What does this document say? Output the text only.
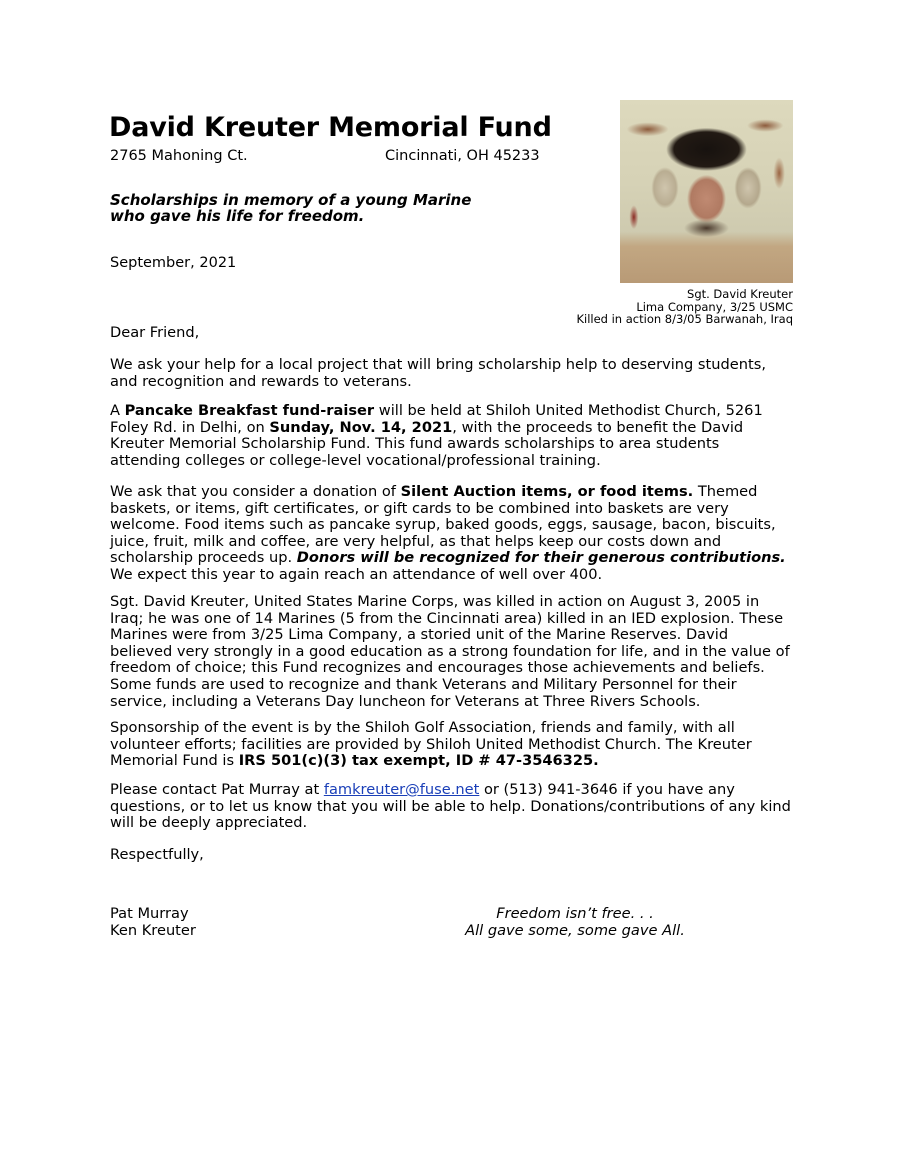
David Kreuter Memorial Fund
2765 Mahoning Ct.	Cincinnati, OH 45233
Scholarships in memory of a young Marine
who gave his life for freedom.
September, 2021
Sgt. David Kreuter
Lima Company, 3/25 USMC
Killed in action 8/3/05 Barwanah, Iraq

Dear Friend,

We ask your help for a local project that will bring scholarship help to deserving students, and recognition and rewards to veterans.

A Pancake Breakfast fund-raiser will be held at Shiloh United Methodist Church, 5261 Foley Rd. in Delhi, on Sunday, Nov. 14, 2021, with the proceeds to benefit the David Kreuter Memorial Scholarship Fund. This fund awards scholarships to area students attending colleges or college-level vocational/professional training.

We ask that you consider a donation of Silent Auction items, or food items. Themed baskets, or items, gift certificates, or gift cards to be combined into baskets are very welcome. Food items such as pancake syrup, baked goods, eggs, sausage, bacon, biscuits, juice, fruit, milk and coffee, are very helpful, as that helps keep our costs down and scholarship proceeds up. Donors will be recognized for their generous contributions. We expect this year to again reach an attendance of well over 400.

Sgt. David Kreuter, United States Marine Corps, was killed in action on August 3, 2005 in Iraq; he was one of 14 Marines (5 from the Cincinnati area) killed in an IED explosion. These Marines were from 3/25 Lima Company, a storied unit of the Marine Reserves. David believed very strongly in a good education as a strong foundation for life, and in the value of freedom of choice; this Fund recognizes and encourages those achievements and beliefs. Some funds are used to recognize and thank Veterans and Military Personnel for their service, including a Veterans Day luncheon for Veterans at Three Rivers Schools.

Sponsorship of the event is by the Shiloh Golf Association, friends and family, with all volunteer efforts; facilities are provided by Shiloh United Methodist Church. The Kreuter Memorial Fund is IRS 501(c)(3) tax exempt, ID # 47-3546325.

Please contact Pat Murray at famkreuter@fuse.net or (513) 941-3646 if you have any questions, or to let us know that you will be able to help. Donations/contributions of any kind will be deeply appreciated.

Respectfully,

Pat Murray
Ken Kreuter
Freedom isn’t free. . .
All gave some, some gave All.
